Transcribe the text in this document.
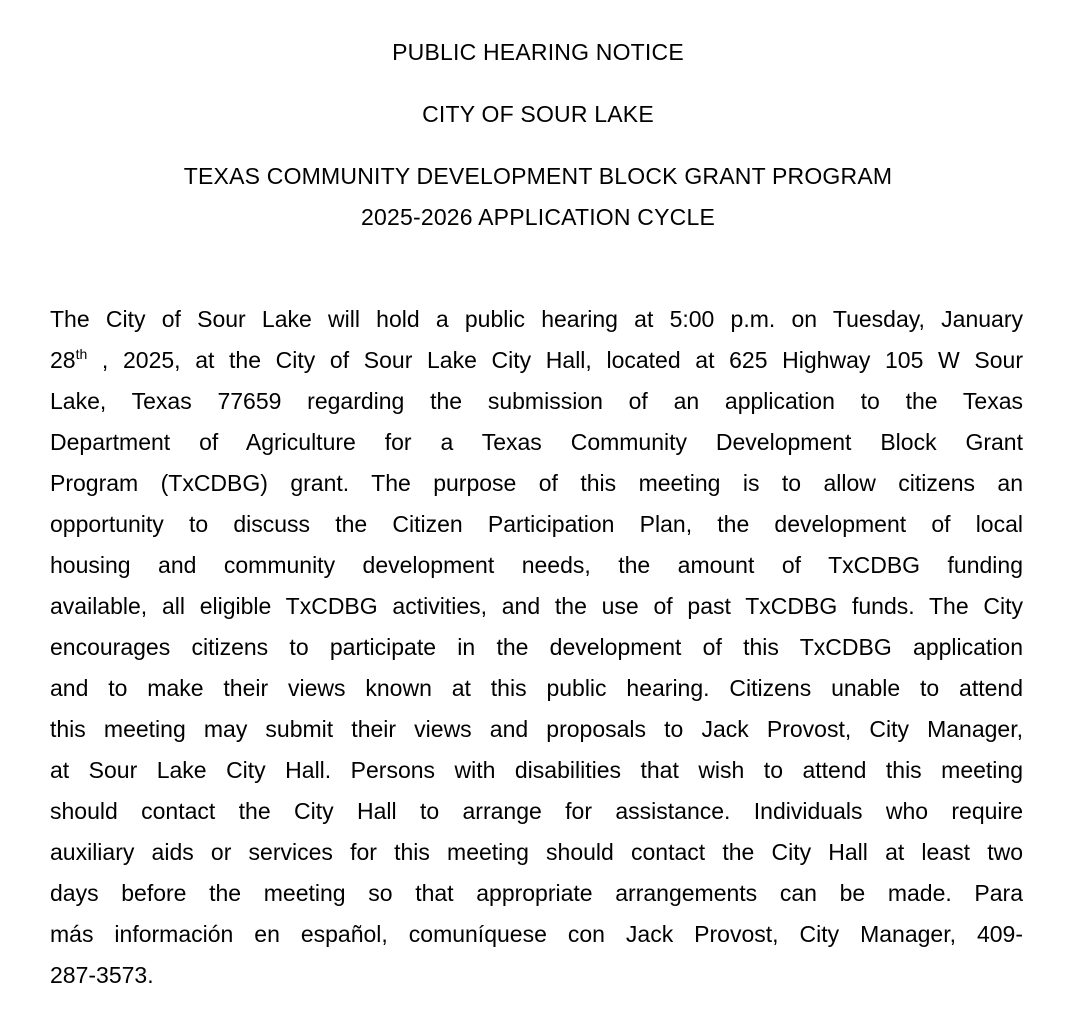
PUBLIC HEARING NOTICE
CITY OF SOUR LAKE
TEXAS COMMUNITY DEVELOPMENT BLOCK GRANT PROGRAM
2025-2026 APPLICATION CYCLE
The City of Sour Lake will hold a public hearing at 5:00 p.m. on Tuesday, January
28th , 2025, at the City of Sour Lake City Hall, located at 625 Highway 105 W Sour
Lake, Texas 77659 regarding the submission of an application to the Texas
Department of Agriculture for a Texas Community Development Block Grant
Program (TxCDBG) grant. The purpose of this meeting is to allow citizens an
opportunity to discuss the Citizen Participation Plan, the development of local
housing and community development needs, the amount of TxCDBG funding
available, all eligible TxCDBG activities, and the use of past TxCDBG funds. The City
encourages citizens to participate in the development of this TxCDBG application
and to make their views known at this public hearing. Citizens unable to attend
this meeting may submit their views and proposals to Jack Provost, City Manager,
at Sour Lake City Hall. Persons with disabilities that wish to attend this meeting
should contact the City Hall to arrange for assistance. Individuals who require
auxiliary aids or services for this meeting should contact the City Hall at least two
days before the meeting so that appropriate arrangements can be made. Para
más información en español, comuníquese con Jack Provost, City Manager, 409-
287-3573.
